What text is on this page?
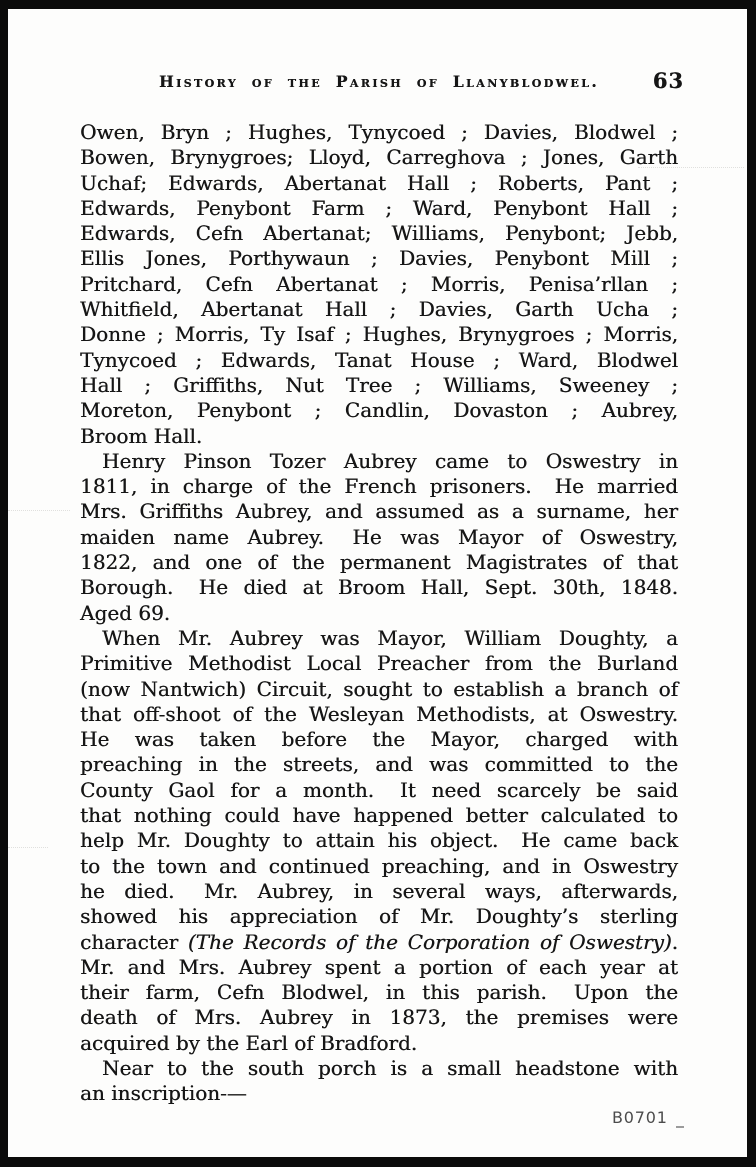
History of the Parish of Llanyblodwel.	63
Owen, Bryn ; Hughes, Tynycoed ; Davies, Blodwel ;
Bowen, Brynygroes; Lloyd, Carreghova ; Jones, Garth
Uchaf; Edwards, Abertanat Hall ; Roberts, Pant ;
Edwards, Penybont Farm ; Ward, Penybont Hall ;
Edwards, Cefn Abertanat; Williams, Penybont; Jebb,
Ellis Jones, Porthywaun ; Davies, Penybont Mill ;
Pritchard, Cefn Abertanat ; Morris, Penisa’rllan ;
Whitfield, Abertanat Hall ; Davies, Garth Ucha ;
Donne ; Morris, Ty Isaf ; Hughes, Brynygroes ; Morris,
Tynycoed ; Edwards, Tanat House ; Ward, Blodwel
Hall ; Griffiths, Nut Tree ; Williams, Sweeney ;
Moreton, Penybont ; Candlin, Dovaston ; Aubrey,
Broom Hall.
Henry Pinson Tozer Aubrey came to Oswestry in
1811, in charge of the French prisoners.  He married
Mrs. Griffiths Aubrey, and assumed as a surname, her
maiden name Aubrey.  He was Mayor of Oswestry,
1822, and one of the permanent Magistrates of that
Borough.  He died at Broom Hall, Sept. 30th, 1848.
Aged 69.
When Mr. Aubrey was Mayor, William Doughty, a
Primitive Methodist Local Preacher from the Burland
(now Nantwich) Circuit, sought to establish a branch of
that off-shoot of the Wesleyan Methodists, at Oswestry.
He was taken before the Mayor, charged with
preaching in the streets, and was committed to the
County Gaol for a month.  It need scarcely be said
that nothing could have happened better calculated to
help Mr. Doughty to attain his object.  He came back
to the town and continued preaching, and in Oswestry
he died.  Mr. Aubrey, in several ways, afterwards,
showed his appreciation of Mr. Doughty’s sterling
character (The Records of the Corporation of Oswestry).
Mr. and Mrs. Aubrey spent a portion of each year at
their farm, Cefn Blodwel, in this parish.  Upon the
death of Mrs. Aubrey in 1873, the premises were
acquired by the Earl of Bradford.
Near to the south porch is a small headstone with
an inscription-—
B0701
